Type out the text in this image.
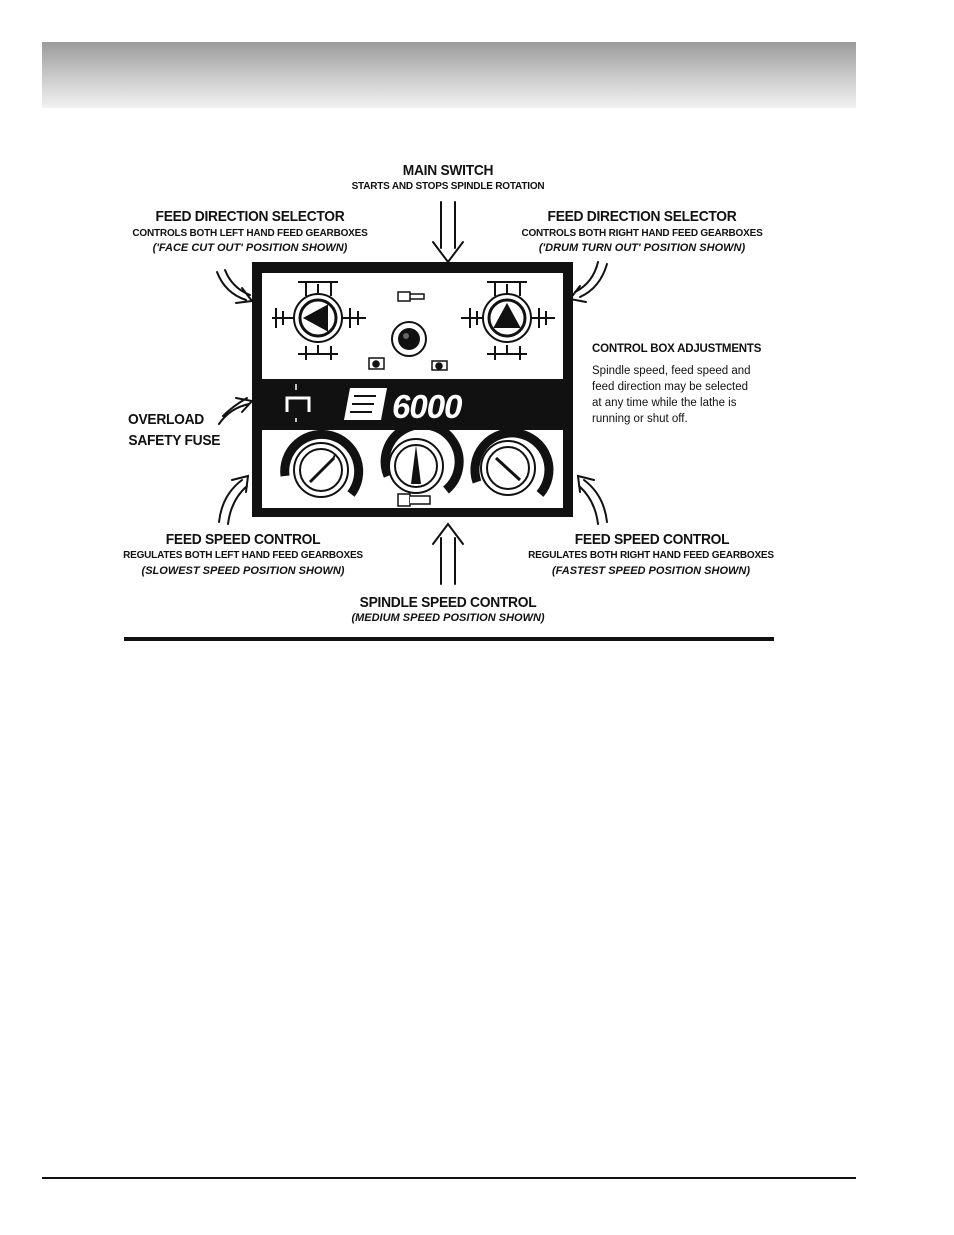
MAIN SWITCH
STARTS AND STOPS SPINDLE ROTATION
FEED DIRECTION SELECTOR
CONTROLS BOTH LEFT HAND FEED GEARBOXES
('FACE CUT OUT' POSITION SHOWN)
FEED DIRECTION SELECTOR
CONTROLS BOTH RIGHT HAND FEED GEARBOXES
('DRUM TURN OUT' POSITION SHOWN)
OVERLOAD
SAFETY FUSE
FEED SPEED CONTROL
REGULATES BOTH LEFT HAND FEED GEARBOXES
(SLOWEST SPEED POSITION SHOWN)
FEED SPEED CONTROL
REGULATES BOTH RIGHT HAND FEED GEARBOXES
(FASTEST SPEED POSITION SHOWN)
SPINDLE SPEED CONTROL
(MEDIUM SPEED POSITION SHOWN)
CONTROL BOX ADJUSTMENTS
Spindle speed, feed speed and
feed direction may be selected
at any time while the lathe is
running or shut off.
6000
